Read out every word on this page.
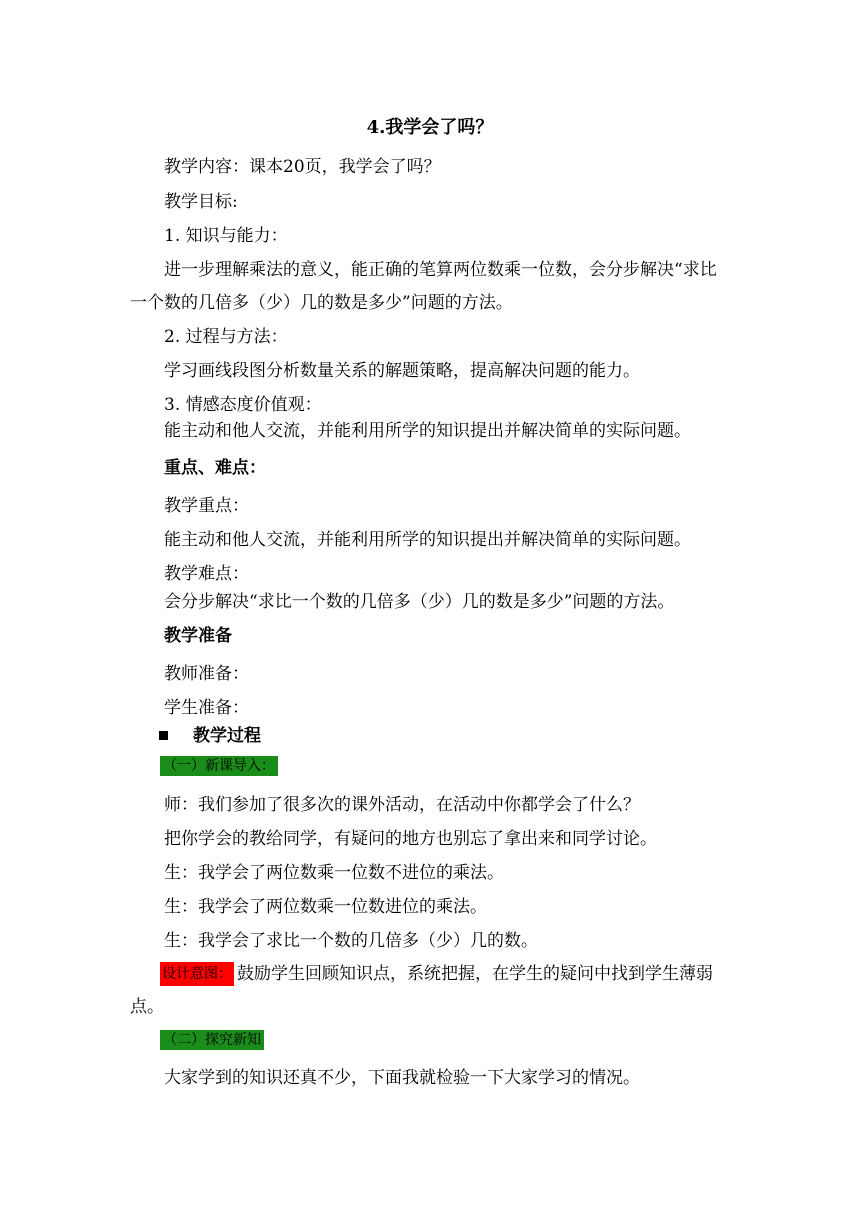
4.我学会了吗？
教学内容：课本20页，我学会了吗？
教学目标:
1. 知识与能力：
进一步理解乘法的意义，能正确的笔算两位数乘一位数，会分步解决“求比
一个数的几倍多（少）几的数是多少”问题的方法。
2. 过程与方法：
学习画线段图分析数量关系的解题策略，提高解决问题的能力。
3. 情感态度价值观：
能主动和他人交流，并能利用所学的知识提出并解决简单的实际问题。
重点、难点：
教学重点：
能主动和他人交流，并能利用所学的知识提出并解决简单的实际问题。
教学难点：
会分步解决“求比一个数的几倍多（少）几的数是多少”问题的方法。
教学准备
教师准备：
学生准备：
教学过程
（一）新课导入：
师：我们参加了很多次的课外活动，在活动中你都学会了什么？
把你学会的教给同学，有疑问的地方也别忘了拿出来和同学讨论。
生：我学会了两位数乘一位数不进位的乘法。
生：我学会了两位数乘一位数进位的乘法。
生：我学会了求比一个数的几倍多（少）几的数。
设计意图： 鼓励学生回顾知识点，系统把握，在学生的疑问中找到学生薄弱
点。
（二）探究新知
大家学到的知识还真不少，下面我就检验一下大家学习的情况。
